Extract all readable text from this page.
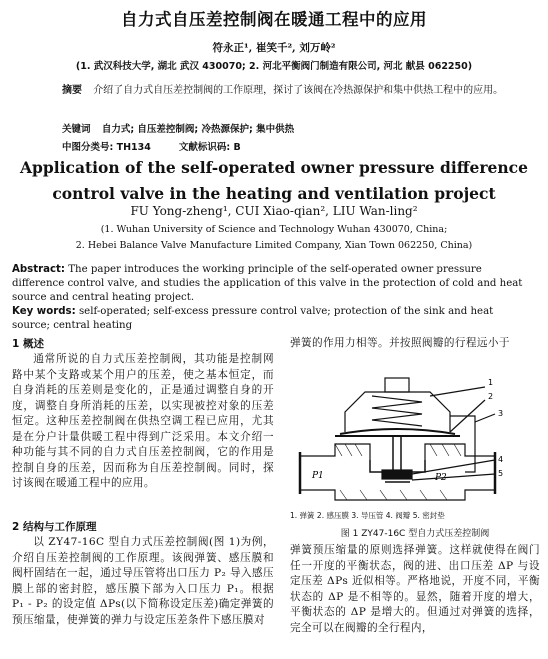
自力式自压差控制阀在暖通工程中的应用
符永正¹, 崔笑千², 刘万岭²
(1. 武汉科技大学, 湖北 武汉 430070; 2. 河北平衡阀门制造有限公司, 河北 献县 062250)
摘要 介绍了自力式自压差控制阀的工作原理，探讨了该阀在冷热源保护和集中供热工程中的应用。
关键词 自力式; 自压差控制阀; 冷热源保护; 集中供热
中图分类号: TH134	文献标识码: B
Application of the self-operated owner pressure difference
control valve in the heating and ventilation project
FU Yong-zheng¹, CUI Xiao-qian², LIU Wan-ling²
(1. Wuhan University of Science and Technology Wuhan 430070, China;
2. Hebei Balance Valve Manufacture Limited Company, Xian Town 062250, China)
Abstract: The paper introduces the working principle of the self-operated owner pressure difference control valve, and studies the application of this valve in the protection of cold and heat source and central heating project.
Key words: self-operated; self-excess pressure control valve; protection of the sink and heat source; central heating
1 概述

通常所说的自力式压差控制阀，其功能是控制网路中某个支路或某个用户的压差，使之基本恒定，而自身消耗的压差则是变化的，正是通过调整自身的开度，调整自身所消耗的压差，以实现被控对象的压差恒定。这种压差控制阀在供热空调工程已应用，尤其是在分户计量供暖工程中得到广泛采用。本文介绍一种功能与其不同的自力式自压差控制阀，它的作用是控制自身的压差，因而称为自压差控制阀。同时，探讨该阀在暖通工程中的应用。

2 结构与工作原理

以 ZY47-16C 型自力式压差控制阀(图 1)为例，介绍自压差控制阀的工作原理。该阀弹簧、感压膜和阀杆固结在一起，通过导压管将出口压力 P₂ 导入感压膜上部的密封腔，感压膜下部为入口压力 P₁。根据 P₁ - P₂ 的设定值 ΔPs(以下简称设定压差)确定弹簧的预压缩量，使弹簧的弹力与设定压差条件下感压膜对

弹簧的作用力相等。并按照阀瓣的行程远小于

1
2
3
4
5
P1	P2
1. 弹簧 2. 感压膜 3. 导压管 4. 阀瓣 5. 密封垫
图 1 ZY47-16C 型自力式压差控制阀

弹簧预压缩量的原则选择弹簧。这样就使得在阀门任一开度的平衡状态，阀的进、出口压差 ΔP 与设定压差 ΔPs 近似相等。严格地说，开度不同，平衡状态的 ΔP 是不相等的。显然，随着开度的增大，平衡状态的 ΔP 是增大的。但通过对弹簧的选择，完全可以在阀瓣的全行程内，
